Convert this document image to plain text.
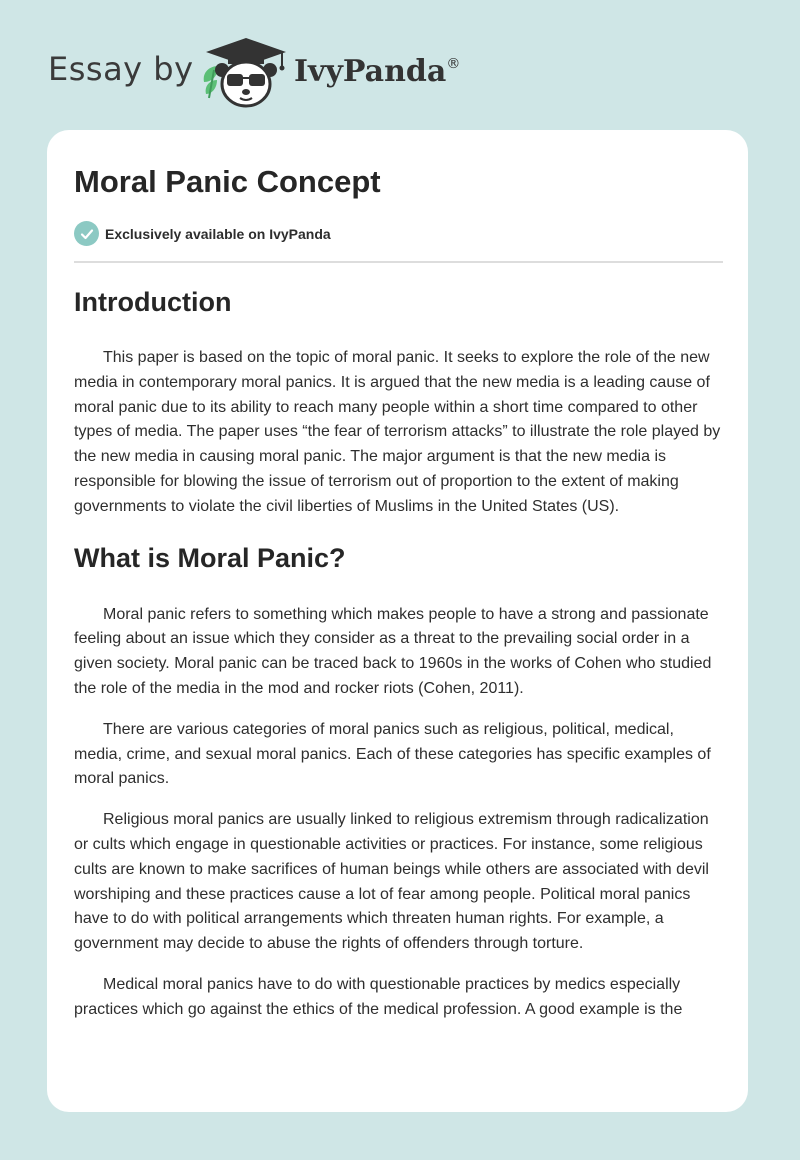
Essay by	IvyPanda®
Moral Panic Concept
Exclusively available on IvyPanda
Introduction

This paper is based on the topic of moral panic. It seeks to explore the role of the new media in contemporary moral panics. It is argued that the new media is a leading cause of moral panic due to its ability to reach many people within a short time compared to other types of media. The paper uses “the fear of terrorism attacks” to illustrate the role played by the new media in causing moral panic. The major argument is that the new media is responsible for blowing the issue of terrorism out of proportion to the extent of making governments to violate the civil liberties of Muslims in the United States (US).

What is Moral Panic?

Moral panic refers to something which makes people to have a strong and passionate feeling about an issue which they consider as a threat to the prevailing social order in a given society. Moral panic can be traced back to 1960s in the works of Cohen who studied the role of the media in the mod and rocker riots (Cohen, 2011).

There are various categories of moral panics such as religious, political, medical, media, crime, and sexual moral panics. Each of these categories has specific examples of moral panics.

Religious moral panics are usually linked to religious extremism through radicalization or cults which engage in questionable activities or practices. For instance, some religious cults are known to make sacrifices of human beings while others are associated with devil worshiping and these practices cause a lot of fear among people. Political moral panics have to do with political arrangements which threaten human rights. For example, a government may decide to abuse the rights of offenders through torture.

Medical moral panics have to do with questionable practices by medics especially practices which go against the ethics of the medical profession. A good example is the
